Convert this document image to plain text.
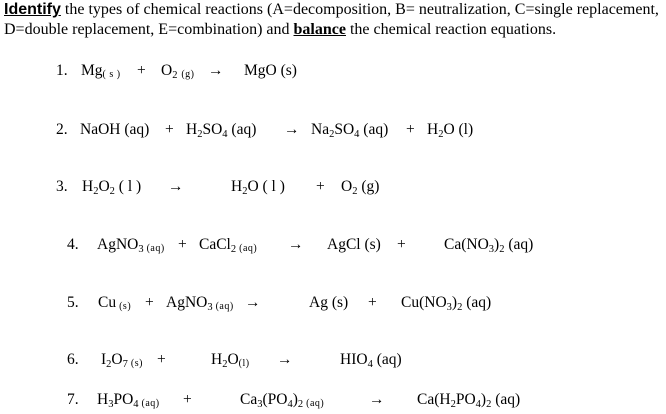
Identify the types of chemical reactions (A=decomposition, B= neutralization, C=single replacement, D=double replacement, E=combination) and balance the chemical reaction equations.
1. Mg( s ) + $O_2$ (g) → MgO (s)
2. NaOH $(aq) + H_2SO_4$ $(aq) \to Na_2SO_4$ $(aq) + H_2O$ (l)
3. $H_2O_2$ ( l ) →	$H_2O$ ( l ) + $O_2$ (g)
4. AgNO$_3$ (aq) + CaCl$_2$ (aq) → AgCl $(s) + Ca(NO_3)_2$ (aq)
5. Cu (s) + AgNO$_3$ (aq) →	Ag $(s) + Cu(NO_3)_2$ (aq)
6. $I_2O_7$ (s) +	$H_2O(l)$ →	$HIO_4$ (aq)
7. $H_3PO_4$ (aq) +	$Ca_3(PO_4)_2$ (aq)	→ $Ca(H_2PO_4)_2$ (aq)
